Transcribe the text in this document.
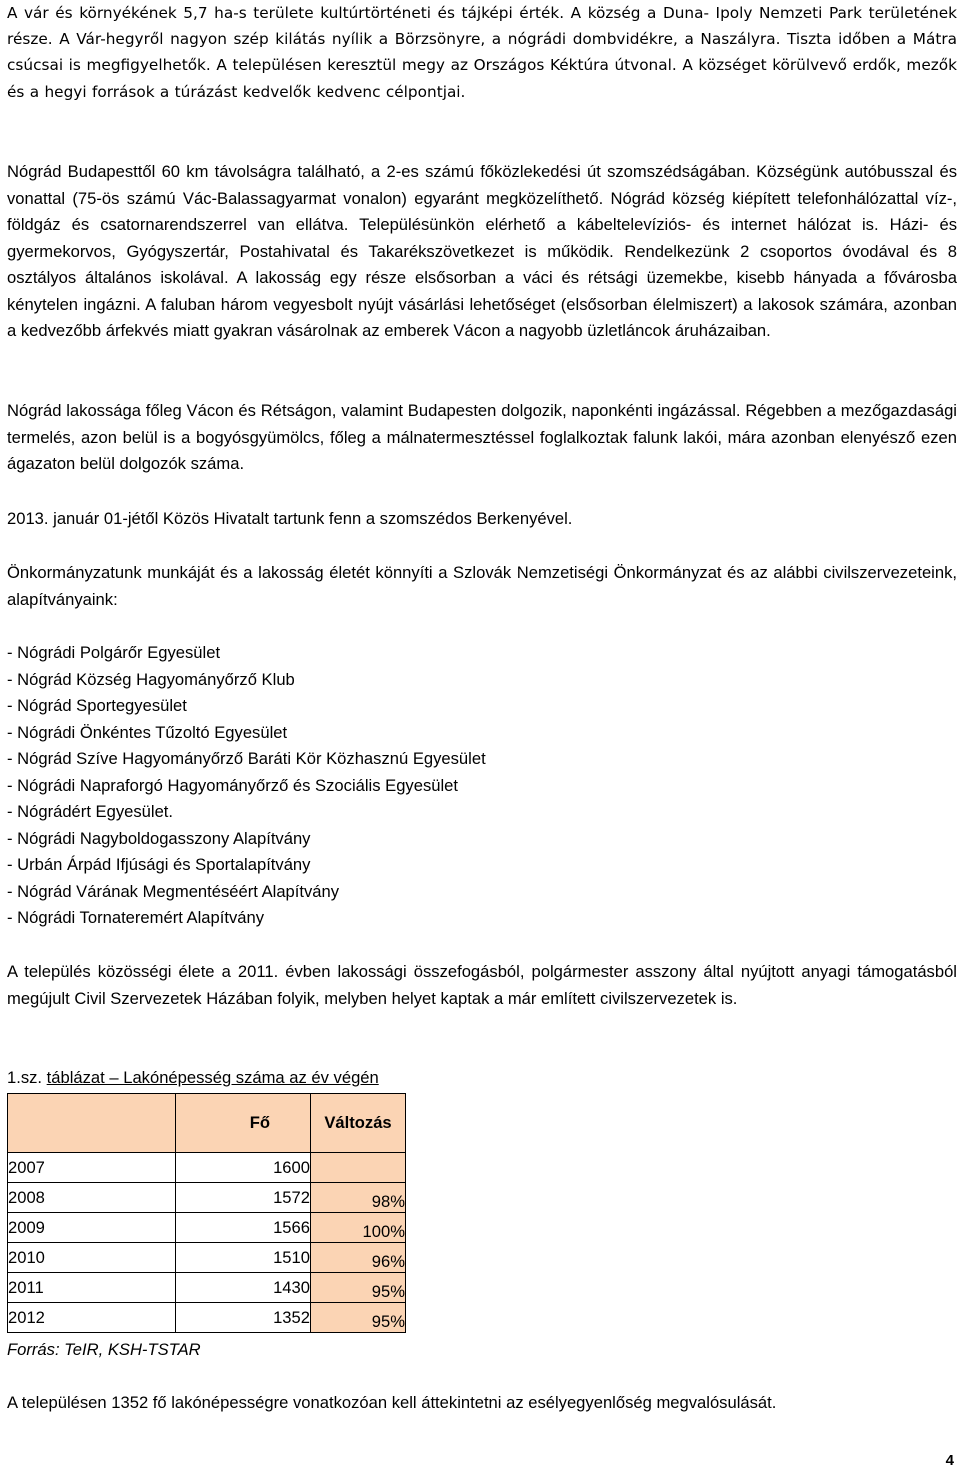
A vár és környékének 5,7 ha-s területe kultúrtörténeti és tájképi érték. A község a Duna- Ipoly Nemzeti Park területének része. A Vár-hegyről nagyon szép kilátás nyílik a Börzsönyre, a nógrádi dombvidékre, a Naszályra. Tiszta időben a Mátra csúcsai is megfigyelhetők. A településen keresztül megy az Országos Kéktúra útvonal. A községet körülvevő erdők, mezők és a hegyi források a túrázást kedvelők kedvenc célpontjai.

Nógrád Budapesttől 60 km távolságra található, a 2-es számú főközlekedési út szomszédságában. Községünk autóbusszal és vonattal (75-ös számú Vác-Balassagyarmat vonalon) egyaránt megközelíthető. Nógrád község kiépített telefonhálózattal víz-, földgáz és csatornarendszerrel van ellátva. Településünkön elérhető a kábeltelevíziós- és internet hálózat is. Házi- és gyermekorvos, Gyógyszertár, Postahivatal és Takarékszövetkezet is működik. Rendelkezünk 2 csoportos óvodával és 8 osztályos általános iskolával. A lakosság egy része elsősorban a váci és rétsági üzemekbe, kisebb hányada a fővárosba kénytelen ingázni. A faluban három vegyesbolt nyújt vásárlási lehetőséget (elsősorban élelmiszert) a lakosok számára, azonban a kedvezőbb árfekvés miatt gyakran vásárolnak az emberek Vácon a nagyobb üzletláncok áruházaiban.

Nógrád lakossága főleg Vácon és Rétságon, valamint Budapesten dolgozik, naponkénti ingázással. Régebben a mezőgazdasági termelés, azon belül is a bogyósgyümölcs, főleg a málnatermesztéssel foglalkoztak falunk lakói, mára azonban elenyésző ezen ágazaton belül dolgozók száma.

2013. január 01-jétől Közös Hivatalt tartunk fenn a szomszédos Berkenyével.

Önkormányzatunk munkáját és a lakosság életét könnyíti a Szlovák Nemzetiségi Önkormányzat és az alábbi civilszervezeteink, alapítványaink:

- Nógrádi Polgárőr Egyesület
- Nógrád Község Hagyományőrző Klub
- Nógrád Sportegyesület
- Nógrádi Önkéntes Tűzoltó Egyesület
- Nógrád Szíve Hagyományőrző Baráti Kör Közhasznú Egyesület
- Nógrádi Napraforgó Hagyományőrző és Szociális Egyesület
- Nógrádért Egyesület.
- Nógrádi Nagyboldogasszony Alapítvány
- Urbán Árpád Ifjúsági és Sportalapítvány
- Nógrád Várának Megmentéséért Alapítvány
- Nógrádi Tornateremért Alapítvány

A település közösségi élete a 2011. évben lakossági összefogásból, polgármester asszony által nyújtott anyagi támogatásból megújult Civil Szervezetek Házában folyik, melyben helyet kaptak a már említett civilszervezetek is.

1.sz. táblázat – Lakónépesség száma az év végén
	Fő	Változás
2007	1600	
2008	1572	98%
2009	1566	100%
2010	1510	96%
2011	1430	95%
2012	1352	95%
Forrás: TeIR, KSH-TSTAR
A településen 1352 fő lakónépességre vonatkozóan kell áttekintetni az esélyegyenlőség megvalósulását.
4
